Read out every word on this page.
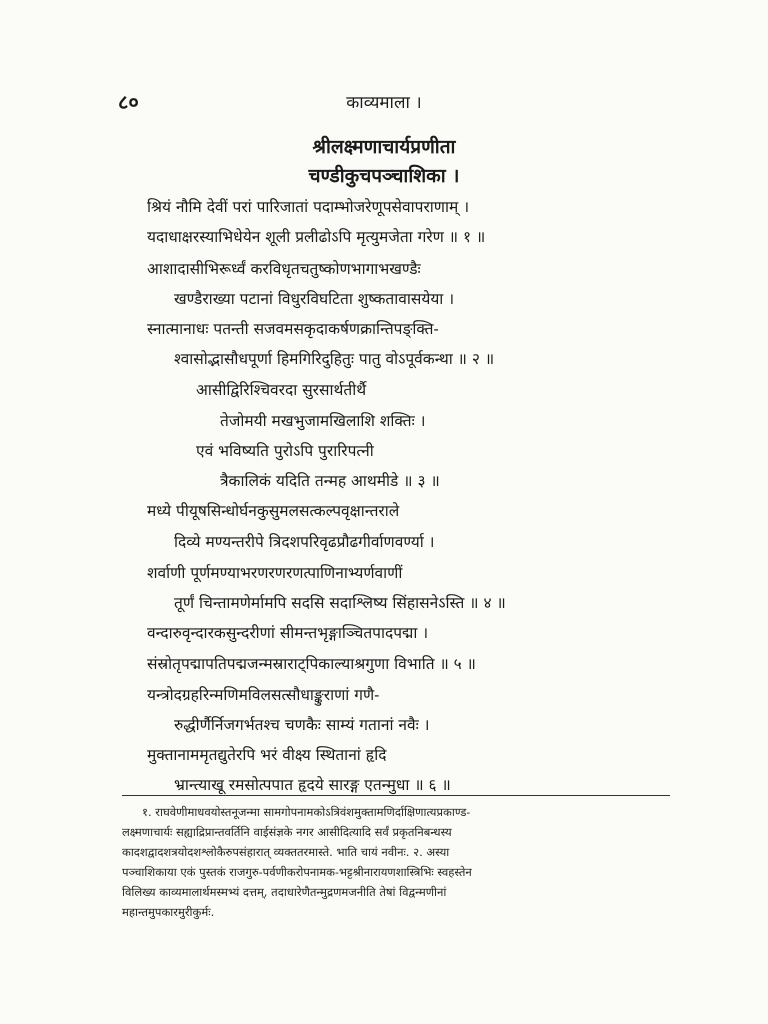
८०	काव्यमाला ।
श्रीलक्ष्मणाचार्यप्रणीता
चण्डीकुचपञ्चाशिका ।
श्रियं नौमि देवीं परां पारिजातां पदाम्भोजरेणूपसेवापराणाम् ।
यदाधाक्षरस्याभिधेयेन शूली प्रलीढोऽपि मृत्युमजेता गरेण ॥ १ ॥
आशादासीभिरूर्ध्वं करविधृतचतुष्कोणभागाभखण्डैः
खण्डैराख्या पटानां विधुरविघटिता शुष्कतावासयेया ।
स्नात्मानाधः पतन्ती सजवमसकृदाकर्षणक्रान्तिपङ्क्ति-
श्वासोद्भासौधपूर्णा हिमगिरिदुहितुः पातु वोऽपूर्वकन्था ॥ २ ॥
आसीद्विरिश्चिवरदा सुरसार्थतीर्थै
तेजोमयी मखभुजामखिलाशि शक्तिः ।
एवं भविष्यति पुरोऽपि पुरारिपत्नी
त्रैकालिकं यदिति तन्मह आथमीडे ॥ ३ ॥
मध्ये पीयूषसिन्धोर्घनकुसुमलसत्कल्पवृक्षान्तराले
दिव्ये मण्यन्तरीपे त्रिदशपरिवृढप्रौढगीर्वाणवर्ण्या ।
शर्वाणी पूर्णमण्याभरणरणरणत्पाणिनाभ्यर्णवाणीं
तूर्णं चिन्तामणेर्मामपि सदसि सदाश्लिष्य सिंहासनेऽस्ति ॥ ४ ॥
वन्दारुवृन्दारकसुन्दरीणां सीमन्तभृङ्गाञ्चितपादपद्मा ।
संस्रोतृपद्मापतिपद्मजन्मस्राराट्पिकाल्याश्रगुणा विभाति ॥ ५ ॥
यन्त्रोदग्रहरिन्मणिमविलसत्सौधाङ्कुराणां गणै-
रुद्धीर्णैर्निजगर्भतश्च चणकैः साम्यं गतानां नवैः ।
मुक्तानाममृतद्युतेरपि भरं वीक्ष्य स्थितानां हृदि
भ्रान्त्याखू रमसोत्पपात हृदये सारङ्ग एतन्मुधा ॥ ६ ॥
१. राघवेणीमाधवयोस्तनूजन्मा सामगोपनामकोऽत्रिवंशमुक्तामणिर्दाक्षिणात्यप्रकाण्ड-
लक्ष्मणाचार्यः सह्याद्रिप्रान्तवर्तिनि वाईसंज्ञके नगर आसीदित्यादि सर्वं प्रकृतनिबन्धस्य
कादशद्वादशत्रयोदशश्लोकैरुपसंहारात् व्यक्ततरमास्ते. भाति चायं नवीनः. २. अस्या
पञ्चाशिकाया एकं पुस्तकं राजगुरु-पर्वणीकरोपनामक-भट्टश्रीनारायणशास्त्रिभिः स्वहस्तेन
विलिख्य काव्यमालार्थमस्मभ्यं दत्तम्, तदाधारेणैतन्मुद्रणमजनीति तेषां विद्वन्मणीनां
महान्तमुपकारमुरीकुर्मः.
